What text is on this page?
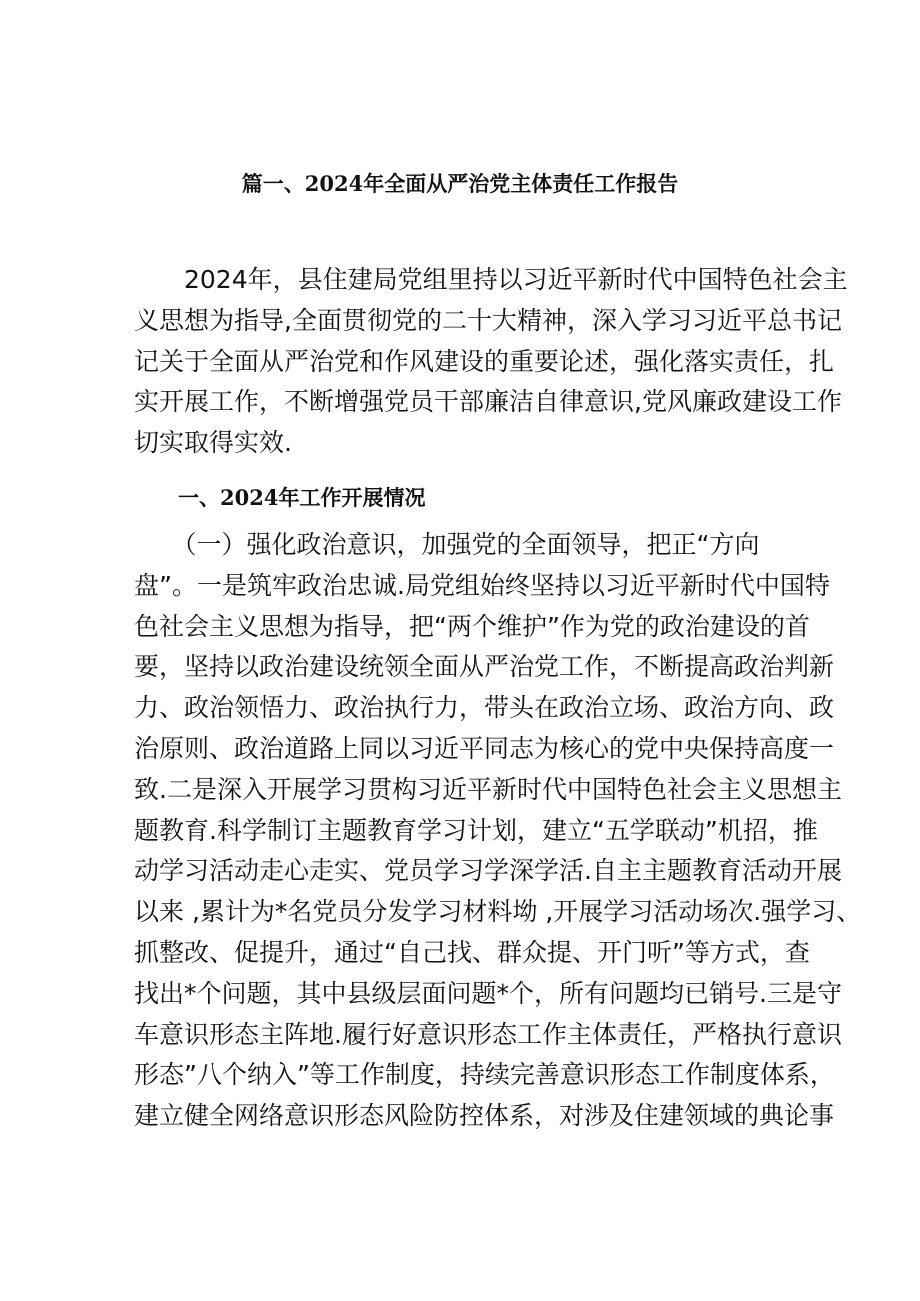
篇一、2024年全面从严治党主体责任工作报告
　　2024年，县住建局党组里持以习近平新时代中国特色社会主
义思想为指导,全面贯彻党的二十大精神，深入学习习近平总书记
记关于全面从严治党和作风建设的重要论述，强化落实责任，扎
实开展工作，不断增强党员干部廉洁自律意识,党风廉政建设工作
切实取得实效.
一、2024年工作开展情况
　　（一）强化政治意识，加强党的全面领导，把正“方向
盘”。一是筑牢政治忠诚.局党组始终坚持以习近平新时代中国特
色社会主义思想为指导，把“两个维护”作为党的政治建设的首
要，坚持以政治建设统领全面从严治党工作，不断提高政治判新
力、政治领悟力、政治执行力，带头在政治立场、政治方向、政
治原则、政治道路上同以习近平同志为核心的党中央保持高度一
致.二是深入开展学习贯构习近平新时代中国特色社会主义思想主
题教育.科学制订主题教育学习计划，建立“五学联动”机招，推
动学习活动走心走实、党员学习学深学活.自主主题教育活动开展
以来 ,累计为*名党员分发学习材料坳 ,开展学习活动场次.强学习、
抓整改、促提升，通过“自己找、群众提、开门听”等方式，查
找出*个问题，其中县级层面问题*个，所有问题均已销号.三是守
车意识形态主阵地.履行好意识形态工作主体责任，严格执行意识
形态”八个纳入”等工作制度，持续完善意识形态工作制度体系，
建立健全网络意识形态风险防控体系，对涉及住建领域的典论事
